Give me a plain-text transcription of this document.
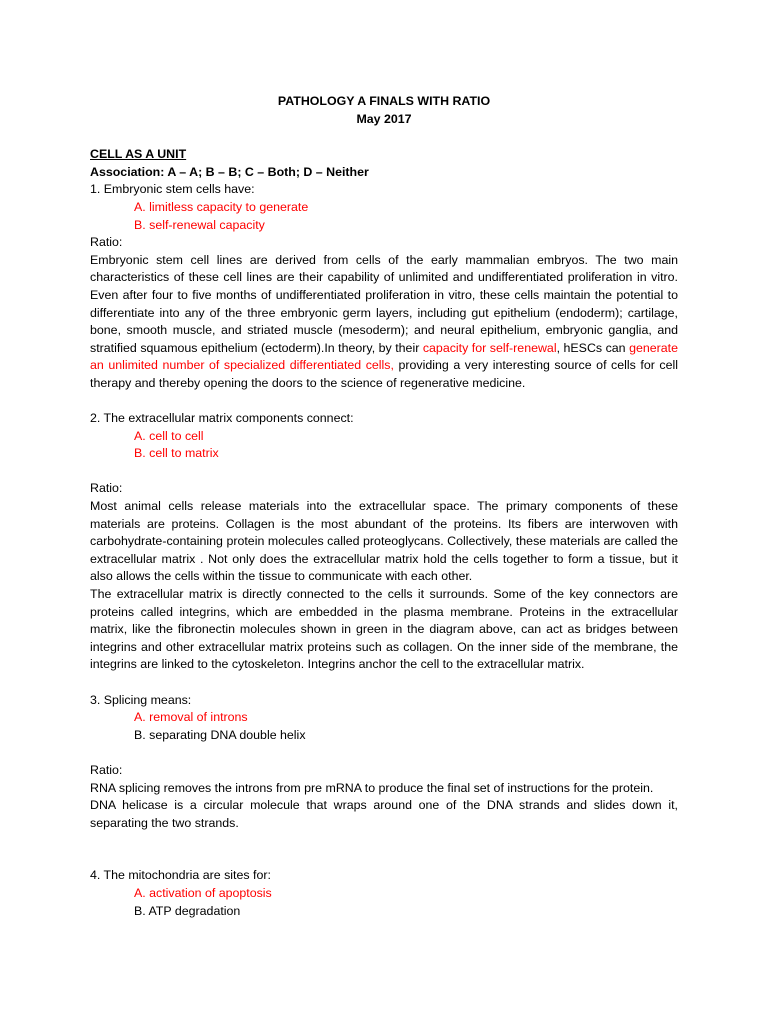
PATHOLOGY A FINALS WITH RATIO

May 2017

CELL AS A UNIT

Association: A – A; B – B; C – Both; D – Neither

1. Embryonic stem cells have:

A. limitless capacity to generate

B. self-renewal capacity

Ratio:

Embryonic stem cell lines are derived from cells of the early mammalian embryos. The two main characteristics of these cell lines are their capability of unlimited and undifferentiated proliferation in vitro. Even after four to five months of undifferentiated proliferation in vitro, these cells maintain the potential to differentiate into any of the three embryonic germ layers, including gut epithelium (endoderm); cartilage, bone, smooth muscle, and striated muscle (mesoderm); and neural epithelium, embryonic ganglia, and stratified squamous epithelium (ectoderm).In theory, by their capacity for self-renewal, hESCs can generate an unlimited number of specialized differentiated cells, providing a very interesting source of cells for cell therapy and thereby opening the doors to the science of regenerative medicine.

2. The extracellular matrix components connect:

A. cell to cell

B. cell to matrix

Ratio:

Most animal cells release materials into the extracellular space. The primary components of these materials are proteins. Collagen is the most abundant of the proteins. Its fibers are interwoven with carbohydrate-containing protein molecules called proteoglycans. Collectively, these materials are called the extracellular matrix . Not only does the extracellular matrix hold the cells together to form a tissue, but it also allows the cells within the tissue to communicate with each other.

The extracellular matrix is directly connected to the cells it surrounds. Some of the key connectors are proteins called integrins, which are embedded in the plasma membrane. Proteins in the extracellular matrix, like the fibronectin molecules shown in green in the diagram above, can act as bridges between integrins and other extracellular matrix proteins such as collagen. On the inner side of the membrane, the integrins are linked to the cytoskeleton. Integrins anchor the cell to the extracellular matrix.

3. Splicing means:

A. removal of introns

B. separating DNA double helix

Ratio:

RNA splicing removes the introns from pre mRNA to produce the final set of instructions for the protein.

DNA helicase is a circular molecule that wraps around one of the DNA strands and slides down it, separating the two strands.

4. The mitochondria are sites for:

A. activation of apoptosis

B. ATP degradation
